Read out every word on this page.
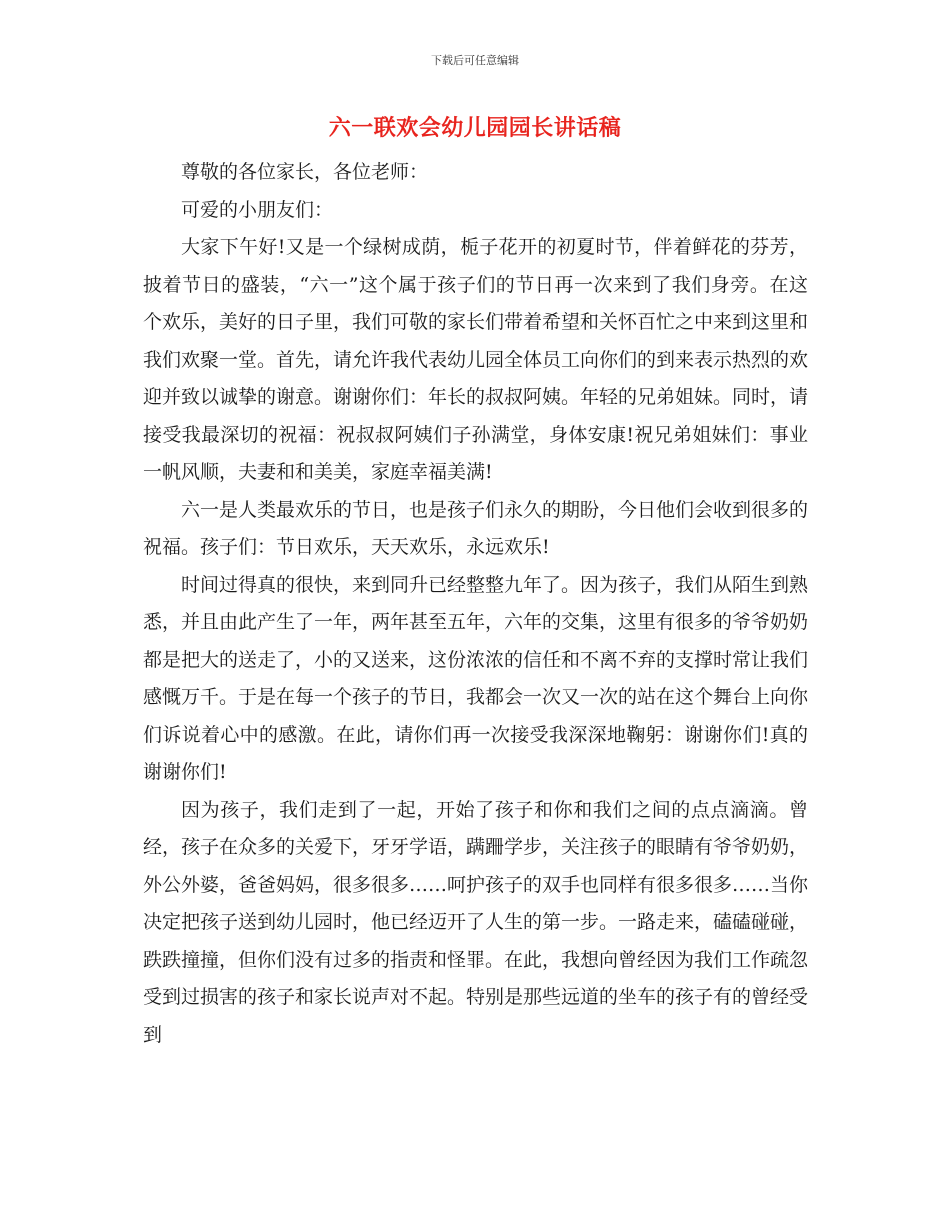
下载后可任意编辑
六一联欢会幼儿园园长讲话稿

尊敬的各位家长，各位老师：

可爱的小朋友们：

大家下午好!又是一个绿树成荫，栀子花开的初夏时节，伴着鲜花的芬芳，披着节日的盛装，“六一”这个属于孩子们的节日再一次来到了我们身旁。在这个欢乐，美好的日子里，我们可敬的家长们带着希望和关怀百忙之中来到这里和我们欢聚一堂。首先，请允许我代表幼儿园全体员工向你们的到来表示热烈的欢迎并致以诚挚的谢意。谢谢你们：年长的叔叔阿姨。年轻的兄弟姐妹。同时，请接受我最深切的祝福：祝叔叔阿姨们子孙满堂，身体安康!祝兄弟姐妹们：事业一帆风顺，夫妻和和美美，家庭幸福美满!

六一是人类最欢乐的节日，也是孩子们永久的期盼，今日他们会收到很多的祝福。孩子们：节日欢乐，天天欢乐，永远欢乐!

时间过得真的很快，来到同升已经整整九年了。因为孩子，我们从陌生到熟悉，并且由此产生了一年，两年甚至五年，六年的交集，这里有很多的爷爷奶奶都是把大的送走了，小的又送来，这份浓浓的信任和不离不弃的支撑时常让我们感慨万千。于是在每一个孩子的节日，我都会一次又一次的站在这个舞台上向你们诉说着心中的感激。在此，请你们再一次接受我深深地鞠躬：谢谢你们!真的谢谢你们!

因为孩子，我们走到了一起，开始了孩子和你和我们之间的点点滴滴。曾经，孩子在众多的关爱下，牙牙学语，蹒跚学步，关注孩子的眼睛有爷爷奶奶，外公外婆，爸爸妈妈，很多很多……呵护孩子的双手也同样有很多很多……当你决定把孩子送到幼儿园时，他已经迈开了人生的第一步。一路走来，磕磕碰碰，跌跌撞撞，但你们没有过多的指责和怪罪。在此，我想向曾经因为我们工作疏忽受到过损害的孩子和家长说声对不起。特别是那些远道的坐车的孩子有的曾经受到
